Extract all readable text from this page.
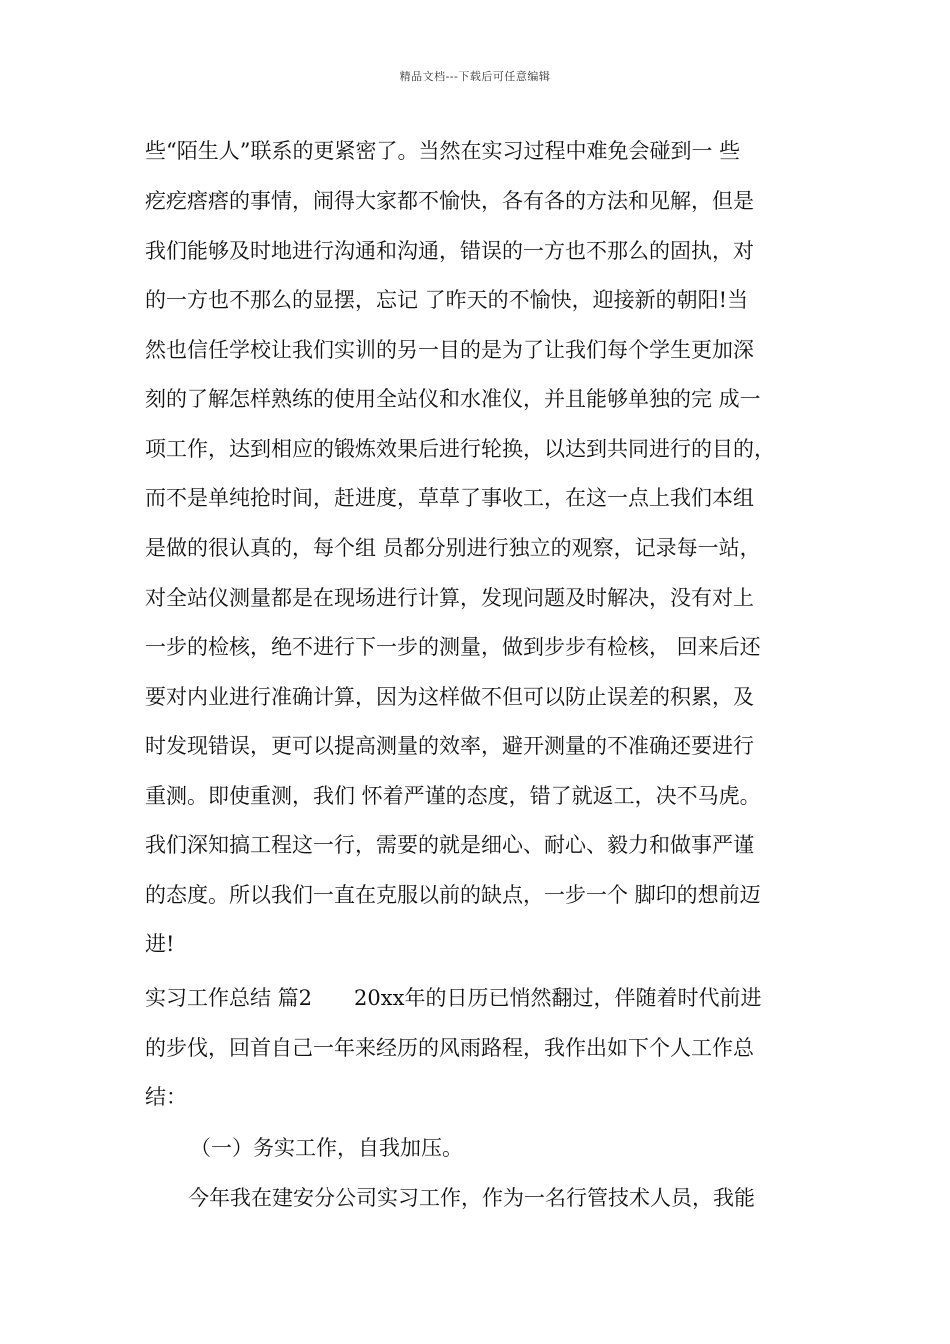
精品文档---下载后可任意编辑
些“陌生人”联系的更紧密了。当然在实习过程中难免会碰到一 些
疙疙瘩瘩的事情，闹得大家都不愉快，各有各的方法和见解，但是
我们能够及时地进行沟通和沟通，错误的一方也不那么的固执，对
的一方也不那么的显摆，忘记 了昨天的不愉快，迎接新的朝阳!当
然也信任学校让我们实训的另一目的是为了让我们每个学生更加深
刻的了解怎样熟练的使用全站仪和水准仪，并且能够单独的完 成一
项工作，达到相应的锻炼效果后进行轮换，以达到共同进行的目的，
而不是单纯抢时间，赶进度，草草了事收工，在这一点上我们本组
是做的很认真的，每个组 员都分别进行独立的观察，记录每一站，
对全站仪测量都是在现场进行计算，发现问题及时解决，没有对上
一步的检核，绝不进行下一步的测量，做到步步有检核， 回来后还
要对内业进行准确计算，因为这样做不但可以防止误差的积累，及
时发现错误，更可以提高测量的效率，避开测量的不准确还要进行
重测。即使重测，我们 怀着严谨的态度，错了就返工，决不马虎。
我们深知搞工程这一行，需要的就是细心、耐心、毅力和做事严谨
的态度。所以我们一直在克服以前的缺点，一步一个 脚印的想前迈
进!
实习工作总结 篇2　　20xx年的日历已悄然翻过，伴随着时代前进
的步伐，回首自己一年来经历的风雨路程，我作出如下个人工作总
结：
（一）务实工作，自我加压。
今年我在建安分公司实习工作，作为一名行管技术人员，我能
